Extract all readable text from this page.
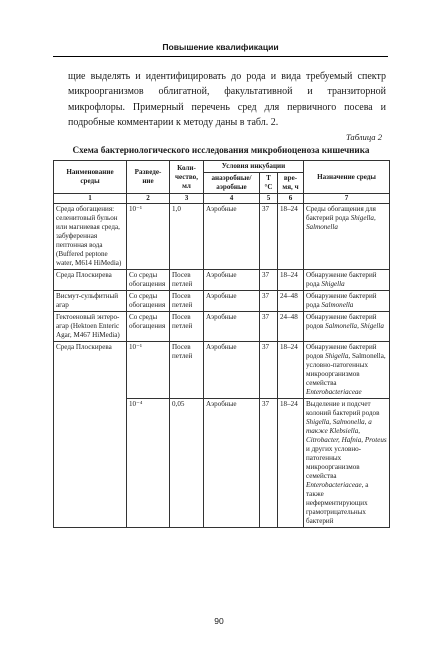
Повышение квалификации

щие выделять и идентифицировать до рода и вида требуемый спектр микроорганизмов облигатной, факультативной и транзиторной микрофлоры. Примерный перечень сред для первичного посева и подробные комментарии к методу даны в табл. 2.

Таблица 2
Схема бактериологического исследования микробиоценоза кишечника
Наименование среды	Разведе-ние	Коли-чество, мл	Условия инкубации			Назначение среды
			анаэробные/ аэробные	T °C	вре-мя, ч	
1	2	3	4	5	6	7
Среда обогащения: селенитовый бульон или магниевая среда, забуференная пептонная вода (Buffered peptone water, M614 HiMedia)	10⁻¹	1,0	Аэробные	37	18–24	Среды обогащения для бактерий рода Shigella, Salmonella
Среда Плоскирева	Со среды обогащения	Посев петлей	Аэробные	37	18–24	Обнаружение бактерий рода Shigella
Висмут-сульфитный агар	Со среды обогащения	Посев петлей	Аэробные	37	24–48	Обнаружение бактерий рода Salmonella
Гектоеновый энтеро-агар (Hektoen Enteric Agar, M467 HiMedia)	Со среды обогащения	Посев петлей	Аэробные	37	24–48	Обнаружение бактерий родов Salmonella, Shigella
Среда Плоскирева	10⁻¹	Посев петлей	Аэробные	37	18–24	Обнаружение бактерий родов Shigella, Salmonella, условно-патогенных микроорганизмов семейства Enterobacteriaceae
	10⁻⁴	0,05	Аэробные	37	18–24	Выделение и подсчет колоний бактерий родов Shigella, Salmonella, а также Klebsiella, Citrobacter, Hafnia, Proteus и других условно-патогенных микроорганизмов семейства Enterobacteriaceae, а также неферментирующих грамотрицательных бактерий
90
